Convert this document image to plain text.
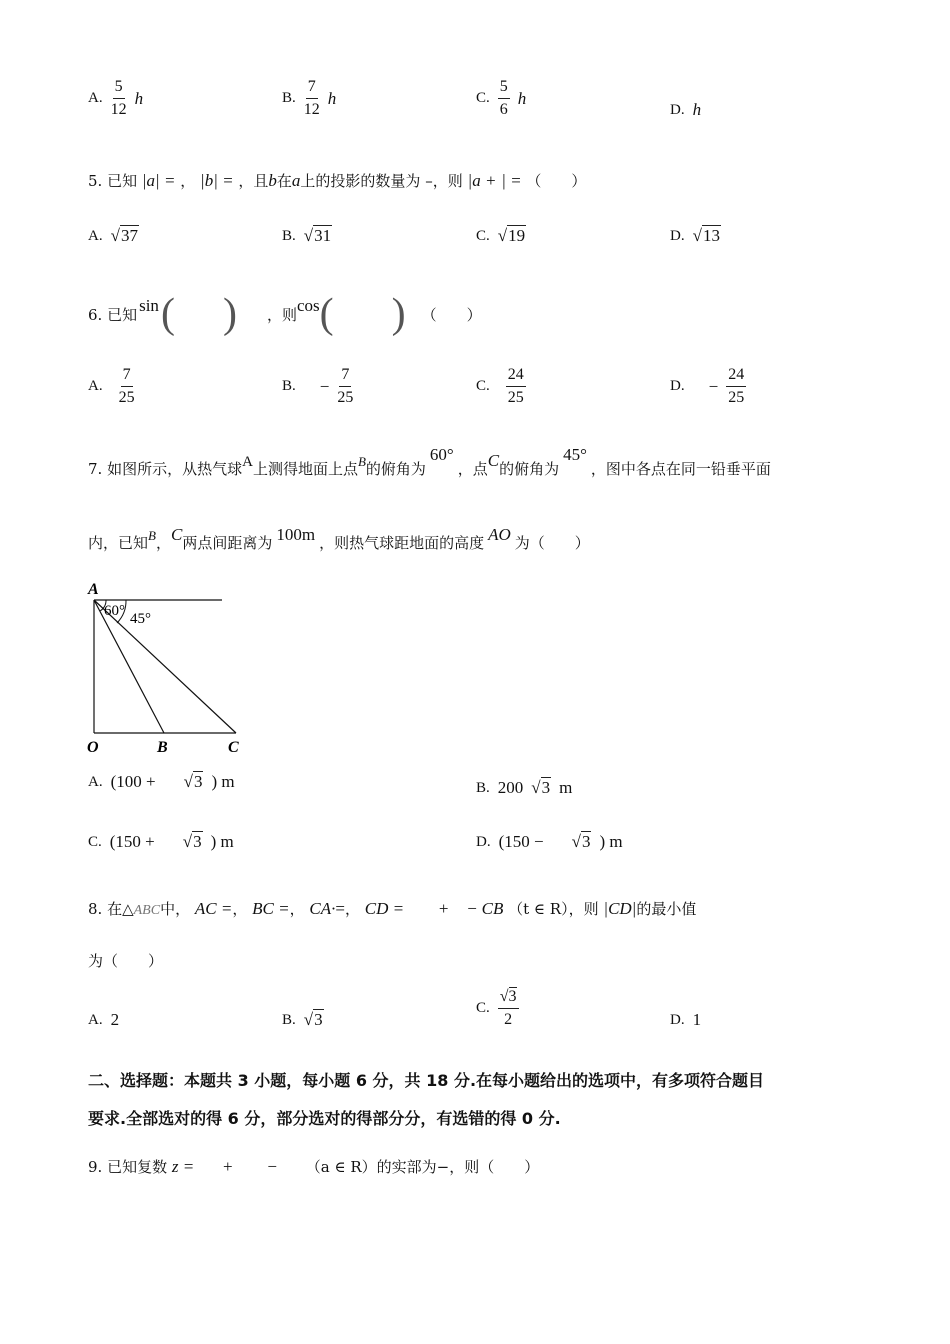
A. $\frac{5}{12}$ h	B. $\frac{7}{12}$ h	C. $\frac{5}{6}$ h
D. h
5. 已知 |a| = ， |b| = ，且b在a上的投影的数量为 –，则 |a + | = （　　）
A. √37	B. √31	C. √19	D. √13
6. 已知 sin ( ) ，则 cos ( ) （　　）
A. $\frac{7}{25}$	B. − $\frac{7}{25}$	C. $\frac{24}{25}$	D. − $\frac{24}{25}$
7. 如图所示，从热气球A上测得地面上点B的俯角为60°，点C的俯角为45°，图中各点在同一铅垂平面
内，已知B，C两点间距离为 100m ，则热气球距地面的高度 AO 为（　　）
A
60° 45°
O	B	C
A. (100 + √3 ) m	B. 200 √3 m
C. (150 + √3 ) m	D. (150 − √3 ) m
8. 在△ABC中， AC =， BC =， CA·=， CD = + − CB （t ∈ R），则 |CD|的最小值
为（　　）
A. 2	B. √3
C. $\frac{√3}{2}$	D. 1
二、选择题：本题共 3 小题，每小题 6 分，共 18 分.在每小题给出的选项中，有多项符合题目
要求.全部选对的得 6 分，部分选对的得部分分，有选错的得 0 分.
9. 已知复数 z = + − （a ∈ R）的实部为−，则（　　）
